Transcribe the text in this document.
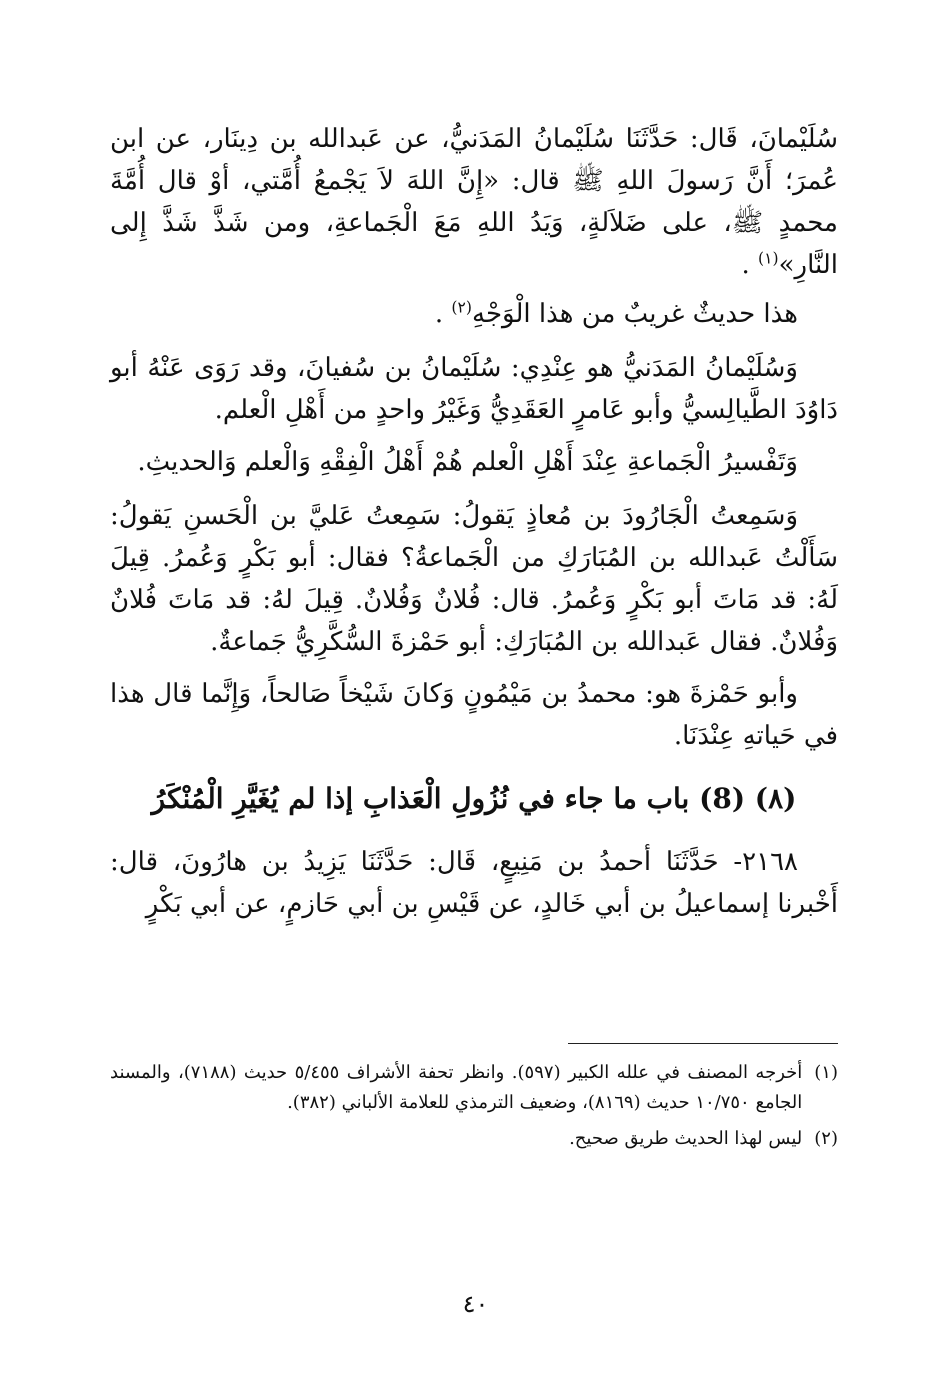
سُلَيْمانَ، قَال: حَدَّثَنَا سُلَيْمانُ المَدَنيُّ، عن عَبدالله بن دِينَار، عن ابن عُمرَ؛ أَنَّ رَسولَ اللهِ ﷺ قال: «إِنَّ اللهَ لاَ يَجْمعُ أُمَّتي، أوْ قال أُمَّةَ محمدٍ ﷺ، على ضَلاَلةٍ، وَيَدُ اللهِ مَعَ الْجَماعةِ، ومن شَذَّ شَذَّ إِلى النَّارِ»$^{(١)}$ .

هذا حديثٌ غريبٌ من هذا الْوَجْهِ$^{(٢)}$ .

وَسُلَيْمانُ المَدَنيُّ هو عِنْدِي: سُلَيْمانُ بن سُفيانَ، وقد رَوَى عَنْهُ أبو دَاوُدَ الطَّيالِسيُّ وأبو عَامرٍ العَقَدِيُّ وَغَيْرُ واحدٍ من أَهْلِ الْعلم.

وَتَفْسيرُ الْجَماعةِ عِنْدَ أَهْلِ الْعلم هُمْ أَهْلُ الْفِقْهِ وَالْعلم وَالحديثِ.

وَسَمِعتُ الْجَارُودَ بن مُعاذٍ يَقولُ: سَمِعتُ عَليَّ بن الْحَسنِ يَقولُ: سَأَلْتُ عَبدالله بن المُبَارَكِ من الْجَماعةُ؟ فقال: أبو بَكْرٍ وَعُمرُ. قِيلَ لَهُ: قد مَاتَ أبو بَكْرٍ وَعُمرُ. قال: فُلانٌ وَفُلانٌ. قِيلَ لهُ: قد مَاتَ فُلانٌ وَفُلانٌ. فقال عَبدالله بن المُبَارَكِ: أبو حَمْزةَ السُّكَّرِيُّ جَماعةٌ.

وأبو حَمْزةَ هو: محمدُ بن مَيْمُونٍ وَكانَ شَيْخاً صَالحاً، وَإِنَّما قال هذا في حَياتهِ عِنْدَنَا.

(٨) (8) باب ما جاء في نُزُولِ الْعَذابِ إذا لم يُغَيَّرِ الْمُنْكَرُ

٢١٦٨- حَدَّثَنَا أحمدُ بن مَنِيعٍ، قَال: حَدَّثَنَا يَزِيدُ بن هارُونَ، قال: أَخْبرنا إسماعيلُ بن أبي خَالدٍ، عن قَيْسِ بن أبي حَازمٍ، عن أبي بَكْرٍ

(١)
أخرجه المصنف في علله الكبير (٥٩٧). وانظر تحفة الأشراف ٥/٤٥٥ حديث (٧١٨٨)، والمسند الجامع ١٠/٧٥٠ حديث (٨١٦٩)، وضعيف الترمذي للعلامة الألباني (٣٨٢).
(٢)
ليس لهذا الحديث طريق صحيح.
٤٠
